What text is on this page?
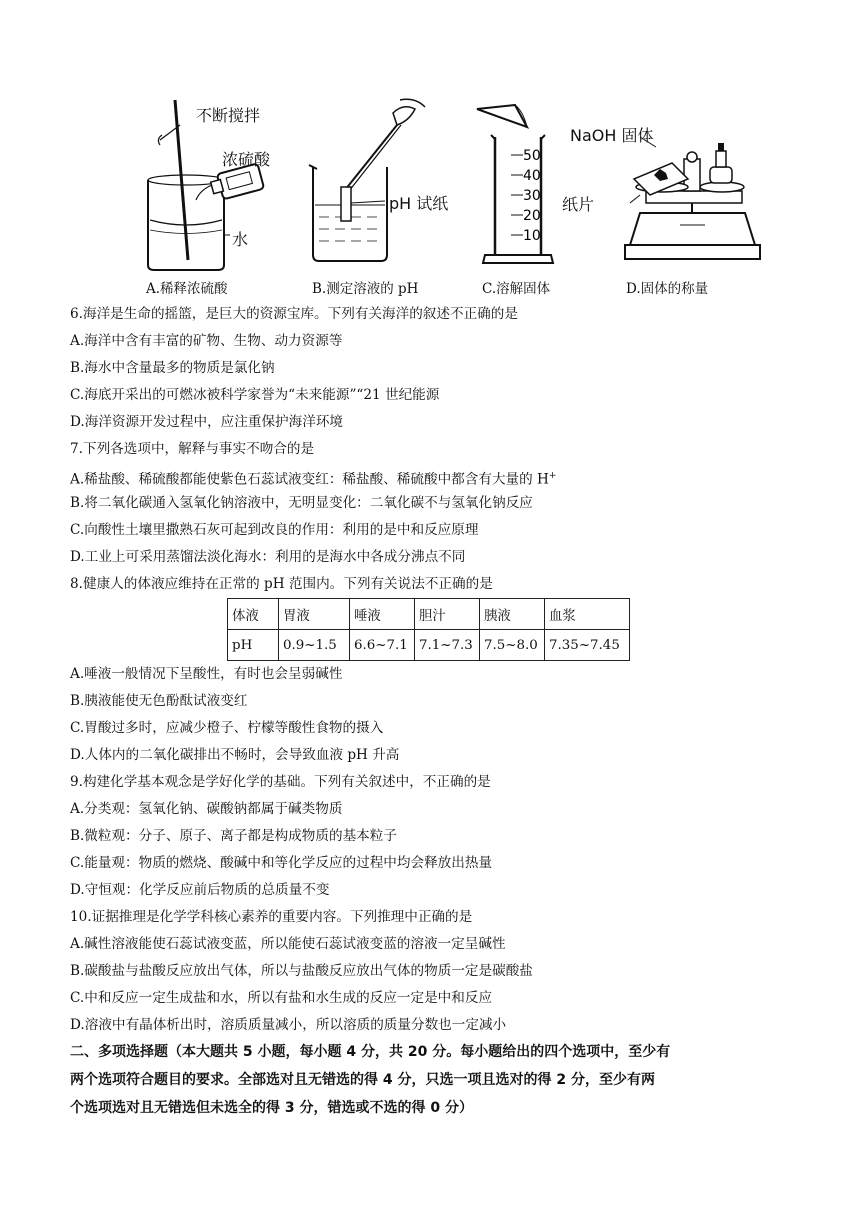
不断搅拌
浓硫酸
水
A.稀释浓硫酸
pH 试纸
B.测定溶液的 pH
50
40
30
20
10
C.溶解固体
NaOH 固体
纸片
D.固体的称量
6.海洋是生命的摇篮，是巨大的资源宝库。下列有关海洋的叙述不正确的是
A.海洋中含有丰富的矿物、生物、动力资源等
B.海水中含量最多的物质是氯化钠
C.海底开采出的可燃冰被科学家誉为“未来能源”“21 世纪能源
D.海洋资源开发过程中，应注重保护海洋环境
7.下列各选项中，解释与事实不吻合的是
A.稀盐酸、稀硫酸都能使紫色石蕊试液变红：稀盐酸、稀硫酸中都含有大量的 H+
B.将二氧化碳通入氢氧化钠溶液中，无明显变化：二氧化碳不与氢氧化钠反应
C.向酸性土壤里撒熟石灰可起到改良的作用：利用的是中和反应原理
D.工业上可采用蒸馏法淡化海水：利用的是海水中各成分沸点不同
8.健康人的体液应维持在正常的 pH 范围内。下列有关说法不正确的是
体液	胃液	唾液	胆汁	胰液	血浆
pH	0.9~1.5	6.6~7.1	7.1~7.3	7.5~8.0	7.35~7.45
A.唾液一般情况下呈酸性，有时也会呈弱碱性
B.胰液能使无色酚酞试液变红
C.胃酸过多时，应减少橙子、柠檬等酸性食物的摄入
D.人体内的二氧化碳排出不畅时，会导致血液 pH 升高
9.构建化学基本观念是学好化学的基础。下列有关叙述中，不正确的是
A.分类观：氢氧化钠、碳酸钠都属于碱类物质
B.微粒观：分子、原子、离子都是构成物质的基本粒子
C.能量观：物质的燃烧、酸碱中和等化学反应的过程中均会释放出热量
D.守恒观：化学反应前后物质的总质量不变
10.证据推理是化学学科核心素养的重要内容。下列推理中正确的是
A.碱性溶液能使石蕊试液变蓝，所以能使石蕊试液变蓝的溶液一定呈碱性
B.碳酸盐与盐酸反应放出气体，所以与盐酸反应放出气体的物质一定是碳酸盐
C.中和反应一定生成盐和水，所以有盐和水生成的反应一定是中和反应
D.溶液中有晶体析出时，溶质质量减小，所以溶质的质量分数也一定减小
二、多项选择题（本大题共 5 小题，每小题 4 分，共 20 分。每小题给出的四个选项中，至少有
两个选项符合题目的要求。全部选对且无错选的得 4 分，只选一项且选对的得 2 分，至少有两
个选项选对且无错选但未选全的得 3 分，错选或不选的得 0 分）
